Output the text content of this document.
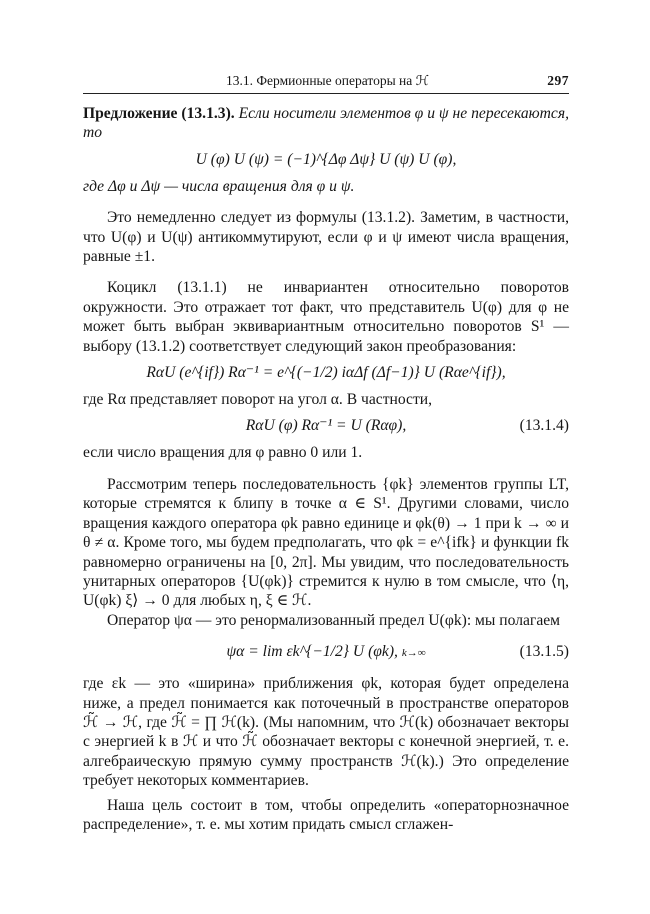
13.1. Фермионные операторы на ℋ	297

Предложение (13.1.3). Если носители элементов φ и ψ не пересекаются, то

U (φ) U (ψ) = (−1)^{Δφ Δψ} U (ψ) U (φ),

где Δφ и Δψ — числа вращения для φ и ψ.

Это немедленно следует из формулы (13.1.2). Заметим, в частности, что U(φ) и U(ψ) антикоммутируют, если φ и ψ имеют числа вращения, равные ±1.

Коцикл (13.1.1) не инвариантен относительно поворотов окружности. Это отражает тот факт, что представитель U(φ) для φ не может быть выбран эквивариантным относительно поворотов S¹ — выбору (13.1.2) соответствует следующий закон преобразования:

RαU (e^{if}) Rα⁻¹ = e^{(−1/2) iαΔf (Δf−1)} U (Rαe^{if}),

где Rα представляет поворот на угол α. В частности,

RαU (φ) Rα⁻¹ = U (Rαφ),	(13.1.4)

если число вращения для φ равно 0 или 1.

Рассмотрим теперь последовательность {φk} элементов группы LT, которые стремятся к блипу в точке α ∈ S¹. Другими словами, число вращения каждого оператора φk равно единице и φk(θ) → 1 при k → ∞ и θ ≠ α. Кроме того, мы будем предполагать, что φk = e^{ifk} и функции fk равномерно ограничены на [0, 2π]. Мы увидим, что последовательность унитарных операторов {U(φk)} стремится к нулю в том смысле, что ⟨η, U(φk) ξ⟩ → 0 для любых η, ξ ∈ ℋ.

Оператор ψα — это ренормализованный предел U(φk): мы полагаем

ψα = lim εk^{−1/2} U (φk), k→∞	(13.1.5)

где εk — это «ширина» приближения φk, которая будет определена ниже, а предел понимается как поточечный в пространстве операторов ℋ̃ → ℋ, где ℋ̃ = ∏ ℋ(k). (Мы напомним, что ℋ(k) обозначает векторы с энергией k в ℋ и что ℋ̃ обозначает векторы с конечной энергией, т. е. алгебраическую прямую сумму пространств ℋ(k).) Это определение требует некоторых комментариев.

Наша цель состоит в том, чтобы определить «операторнозначное распределение», т. е. мы хотим придать смысл сглажен-
